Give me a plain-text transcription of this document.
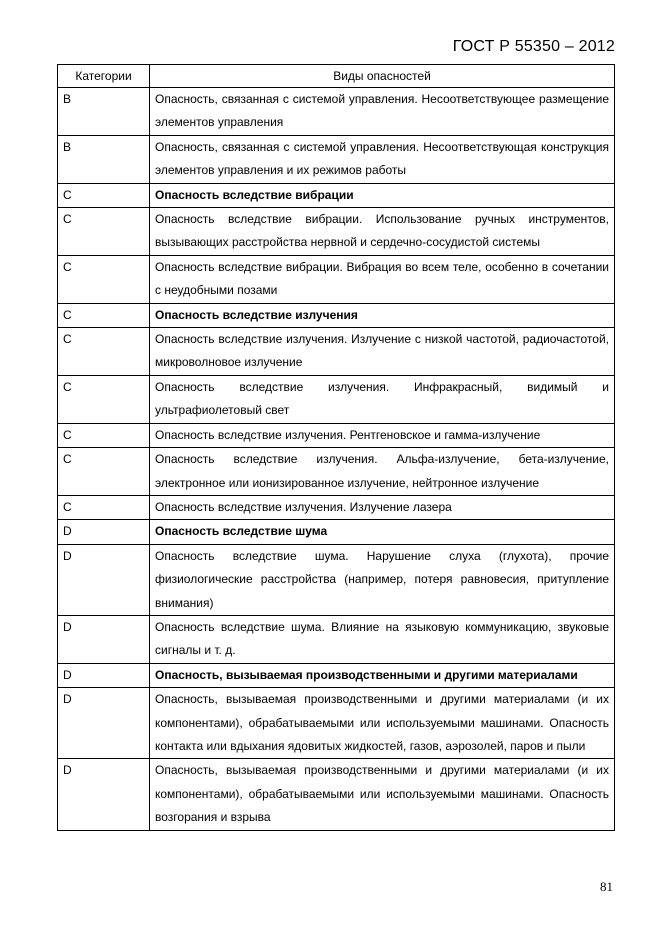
ГОСТ Р 55350 – 2012
Категории	Виды опасностей
B	Опасность, связанная с системой управления. Несоответствующее размещение элементов управления
B	Опасность, связанная с системой управления. Несоответствующая конструкция элементов управления и их режимов работы
C	Опасность вследствие вибрации
C	Опасность вследствие вибрации. Использование ручных инструментов, вызывающих расстройства нервной и сердечно-сосудистой системы
C	Опасность вследствие вибрации. Вибрация во всем теле, особенно в сочетании с неудобными позами
C	Опасность вследствие излучения
C	Опасность вследствие излучения. Излучение с низкой частотой, радиочастотой, микроволновое излучение
C	Опасность вследствие излучения. Инфракрасный, видимый и ультрафиолетовый свет
C	Опасность вследствие излучения. Рентгеновское и гамма-излучение
C	Опасность вследствие излучения. Альфа-излучение, бета-излучение, электронное или ионизированное излучение, нейтронное излучение
C	Опасность вследствие излучения. Излучение лазера
D	Опасность вследствие шума
D	Опасность вследствие шума. Нарушение слуха (глухота), прочие физиологические расстройства (например, потеря равновесия, притупление внимания)
D	Опасность вследствие шума. Влияние на языковую коммуникацию, звуковые сигналы и т. д.
D	Опасность, вызываемая производственными и другими материалами
D	Опасность, вызываемая производственными и другими материалами (и их компонентами), обрабатываемыми или используемыми машинами. Опасность контакта или вдыхания ядовитых жидкостей, газов, аэрозолей, паров и пыли
D	Опасность, вызываемая производственными и другими материалами (и их компонентами), обрабатываемыми или используемыми машинами. Опасность возгорания и взрыва
81
